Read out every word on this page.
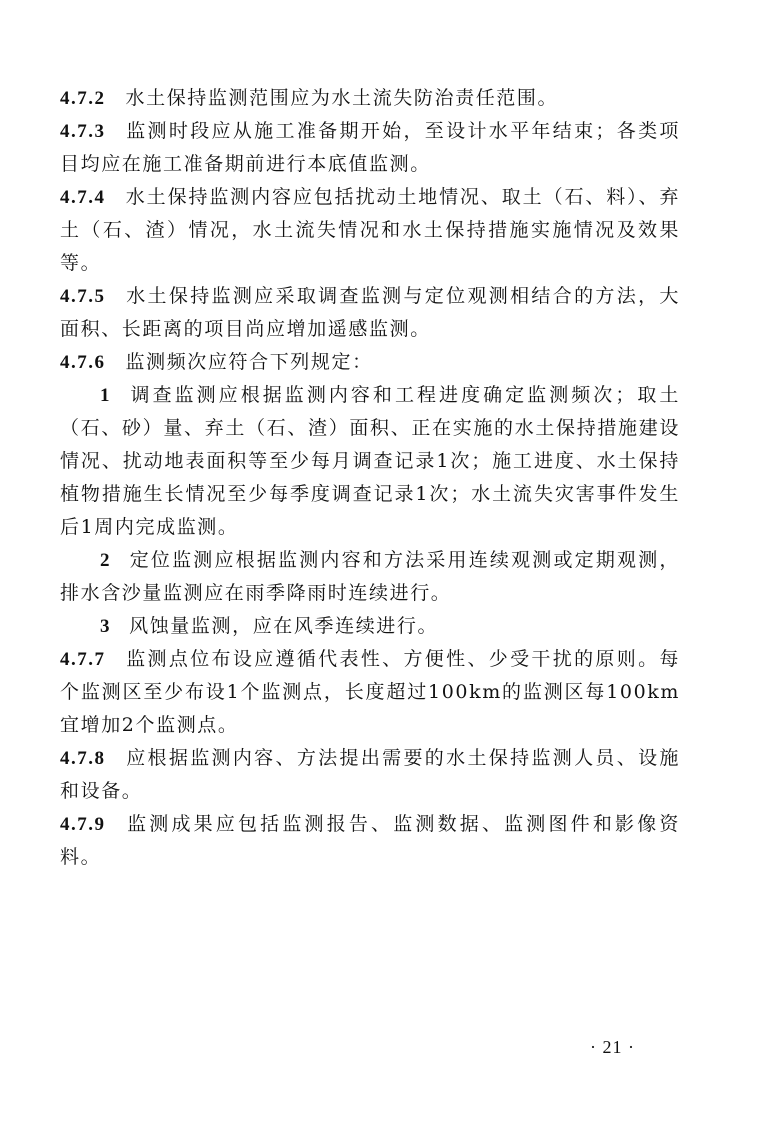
4.7.2 水土保持监测范围应为水土流失防治责任范围。

4.7.3 监测时段应从施工准备期开始，至设计水平年结束；各类项目均应在施工准备期前进行本底值监测。

4.7.4 水土保持监测内容应包括扰动土地情况、取土（石、料）、弃土（石、渣）情况，水土流失情况和水土保持措施实施情况及效果等。

4.7.5 水土保持监测应采取调查监测与定位观测相结合的方法，大面积、长距离的项目尚应增加遥感监测。

4.7.6 监测频次应符合下列规定：

1 调查监测应根据监测内容和工程进度确定监测频次；取土（石、砂）量、弃土（石、渣）面积、正在实施的水土保持措施建设情况、扰动地表面积等至少每月调查记录1次；施工进度、水土保持植物措施生长情况至少每季度调查记录1次；水土流失灾害事件发生后1周内完成监测。

2 定位监测应根据监测内容和方法采用连续观测或定期观测，排水含沙量监测应在雨季降雨时连续进行。

3 风蚀量监测，应在风季连续进行。

4.7.7 监测点位布设应遵循代表性、方便性、少受干扰的原则。每个监测区至少布设1个监测点，长度超过100km的监测区每100km宜增加2个监测点。

4.7.8 应根据监测内容、方法提出需要的水土保持监测人员、设施和设备。

4.7.9 监测成果应包括监测报告、监测数据、监测图件和影像资料。

· 21 ·
